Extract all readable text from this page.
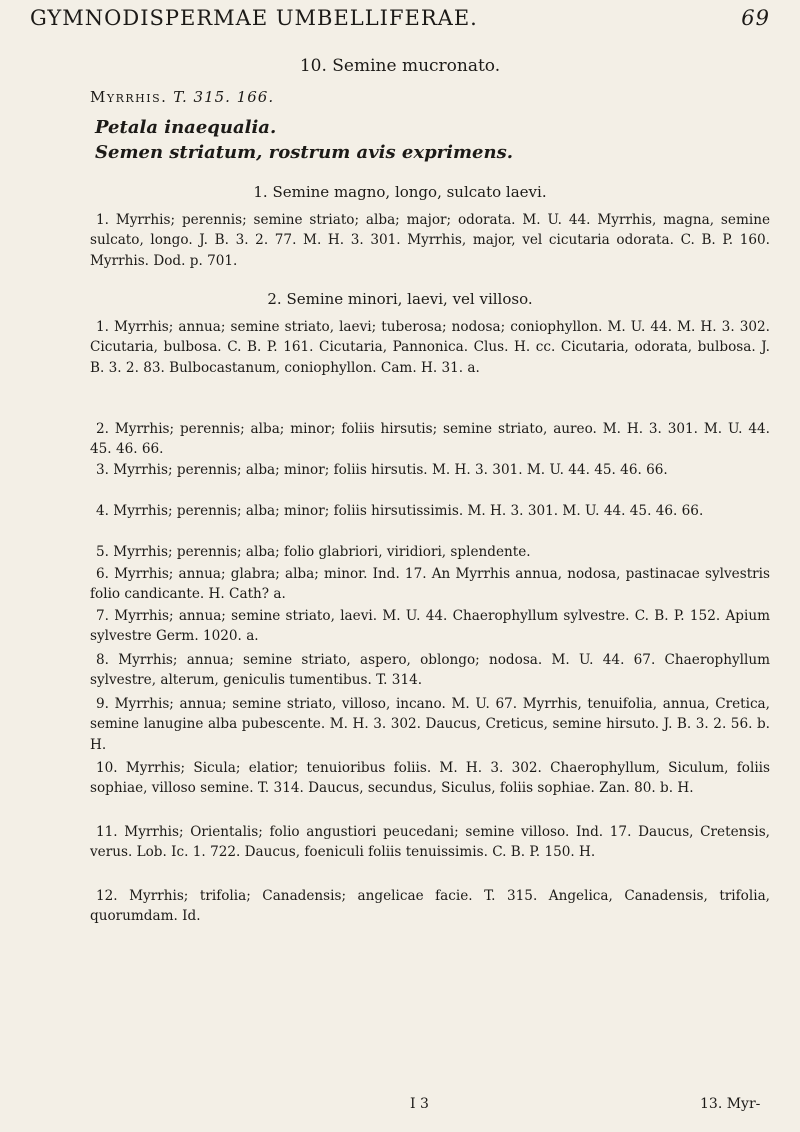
GYMNODISPERMAE UMBELLIFERAE.	69
10. Semine mucronato.
Myrrhis. T. 315. 166.
Petala inaequalia.
Semen striatum, rostrum avis exprimens.
1. Semine magno, longo, sulcato laevi.
1. Myrrhis; perennis; semine striato; alba; major; odorata. M. U. 44. Myrrhis, magna, semine sulcato, longo. J. B. 3. 2. 77. M. H. 3. 301. Myrrhis, major, vel cicutaria odorata. C. B. P. 160. Myrrhis. Dod. p. 701.
2. Semine minori, laevi, vel villoso.
1. Myrrhis; annua; semine striato, laevi; tuberosa; nodosa; coniophyllon. M. U. 44. M. H. 3. 302. Cicutaria, bulbosa. C. B. P. 161. Cicutaria, Pannonica. Clus. H. cc. Cicutaria, odorata, bulbosa. J. B. 3. 2. 83. Bulbocastanum, coniophyllon. Cam. H. 31. a.
2. Myrrhis; perennis; alba; minor; foliis hirsutis; semine striato, aureo. M. H. 3. 301. M. U. 44. 45. 46. 66.
3. Myrrhis; perennis; alba; minor; foliis hirsutis. M. H. 3. 301. M. U. 44. 45. 46. 66.
4. Myrrhis; perennis; alba; minor; foliis hirsutissimis. M. H. 3. 301. M. U. 44. 45. 46. 66.
5. Myrrhis; perennis; alba; folio glabriori, viridiori, splendente.
6. Myrrhis; annua; glabra; alba; minor. Ind. 17. An Myrrhis annua, nodosa, pastinacae sylvestris folio candicante. H. Cath? a.
7. Myrrhis; annua; semine striato, laevi. M. U. 44. Chaerophyllum sylvestre. C. B. P. 152. Apium sylvestre Germ. 1020. a.
8. Myrrhis; annua; semine striato, aspero, oblongo; nodosa. M. U. 44. 67. Chaerophyllum sylvestre, alterum, geniculis tumentibus. T. 314.
9. Myrrhis; annua; semine striato, villoso, incano. M. U. 67. Myrrhis, tenuifolia, annua, Cretica, semine lanugine alba pubescente. M. H. 3. 302. Daucus, Creticus, semine hirsuto. J. B. 3. 2. 56. b. H.
10. Myrrhis; Sicula; elatior; tenuioribus foliis. M. H. 3. 302. Chaerophyllum, Siculum, foliis sophiae, villoso semine. T. 314. Daucus, secundus, Siculus, foliis sophiae. Zan. 80. b. H.
11. Myrrhis; Orientalis; folio angustiori peucedani; semine villoso. Ind. 17. Daucus, Cretensis, verus. Lob. Ic. 1. 722. Daucus, foeniculi foliis tenuissimis. C. B. P. 150. H.
12. Myrrhis; trifolia; Canadensis; angelicae facie. T. 315. Angelica, Canadensis, trifolia, quorumdam. Id.
I 3	13. Myr-
